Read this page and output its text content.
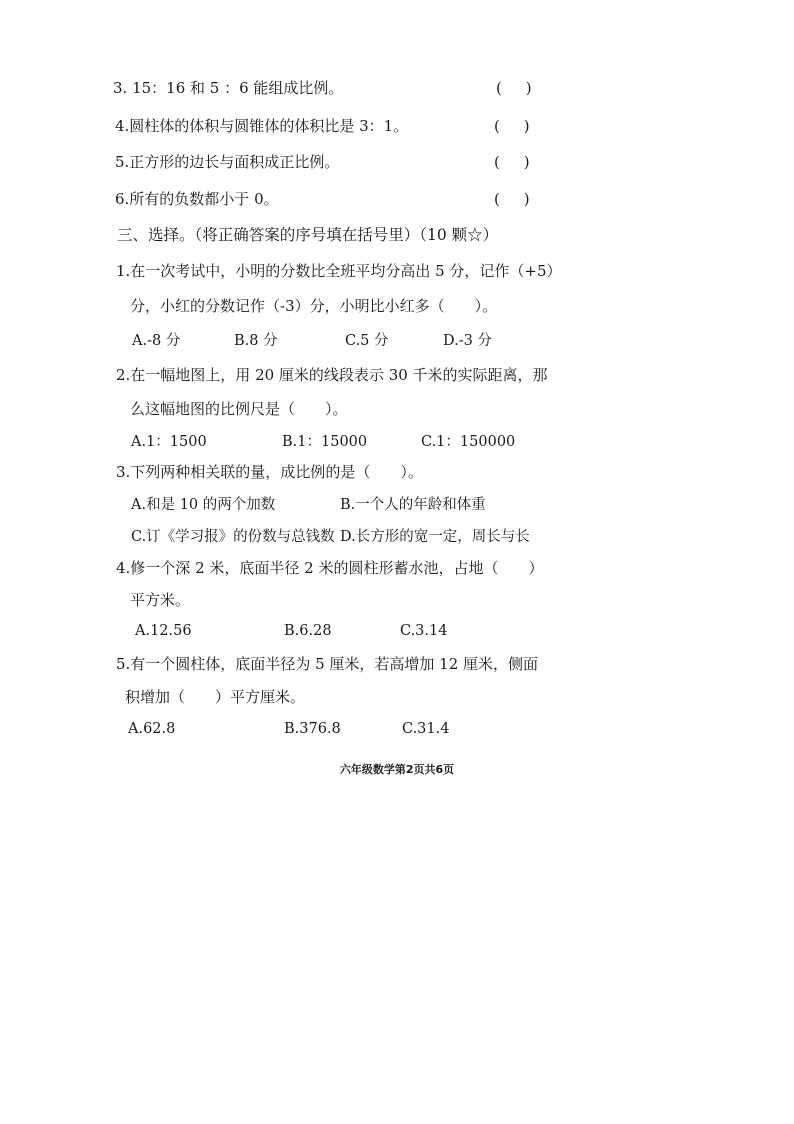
3. 15：16 和 5 ：6 能组成比例。	(     )
4.圆柱体的体积与圆锥体的体积比是 3：1。	(     )
5.正方形的边长与面积成正比例。	(     )
6.所有的负数都小于 0。	(     )
三、选择。（将正确答案的序号填在括号里）（10 颗☆）
1.在一次考试中，小明的分数比全班平均分高出 5 分，记作（+5）
分，小红的分数记作（-3）分，小明比小红多（　　）。
A.-8 分	B.8 分	C.5 分	D.-3 分
2.在一幅地图上，用 20 厘米的线段表示 30 千米的实际距离，那
么这幅地图的比例尺是（　　）。
A.1：1500	B.1：15000	C.1：150000
3.下列两种相关联的量，成比例的是（　　）。
A.和是 10 的两个加数	B.一个人的年龄和体重
C.订《学习报》的份数与总钱数 D.长方形的宽一定，周长与长
4.修一个深 2 米，底面半径 2 米的圆柱形蓄水池，占地（　　）
平方米。
A.12.56	B.6.28	C.3.14
5.有一个圆柱体，底面半径为 5 厘米，若高增加 12 厘米，侧面
积增加（　　）平方厘米。
A.62.8	B.376.8	C.31.4
六年级数学第2页共6页
